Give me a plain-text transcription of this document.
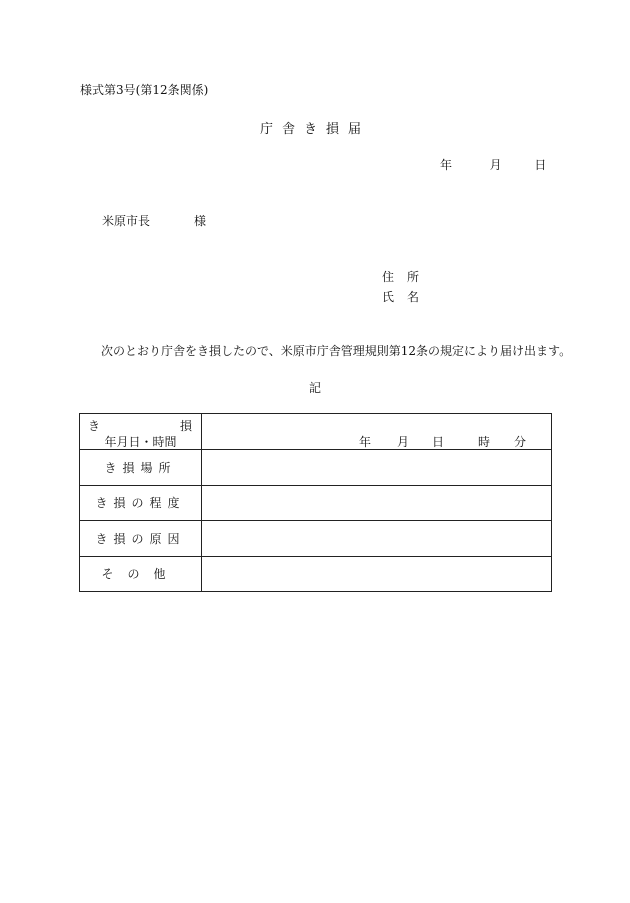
様式第3号(第12条関係)
庁舎き損届
年	月	日
米原市長	様
住 所
氏 名
次のとおり庁舎をき損したので、米原市庁舎管理規則第12条の規定により届け出ます。
記
き 損
年月日・時間	年 月 日 時 分

き損場所	
き損の程度	
き損の原因	
その他	
